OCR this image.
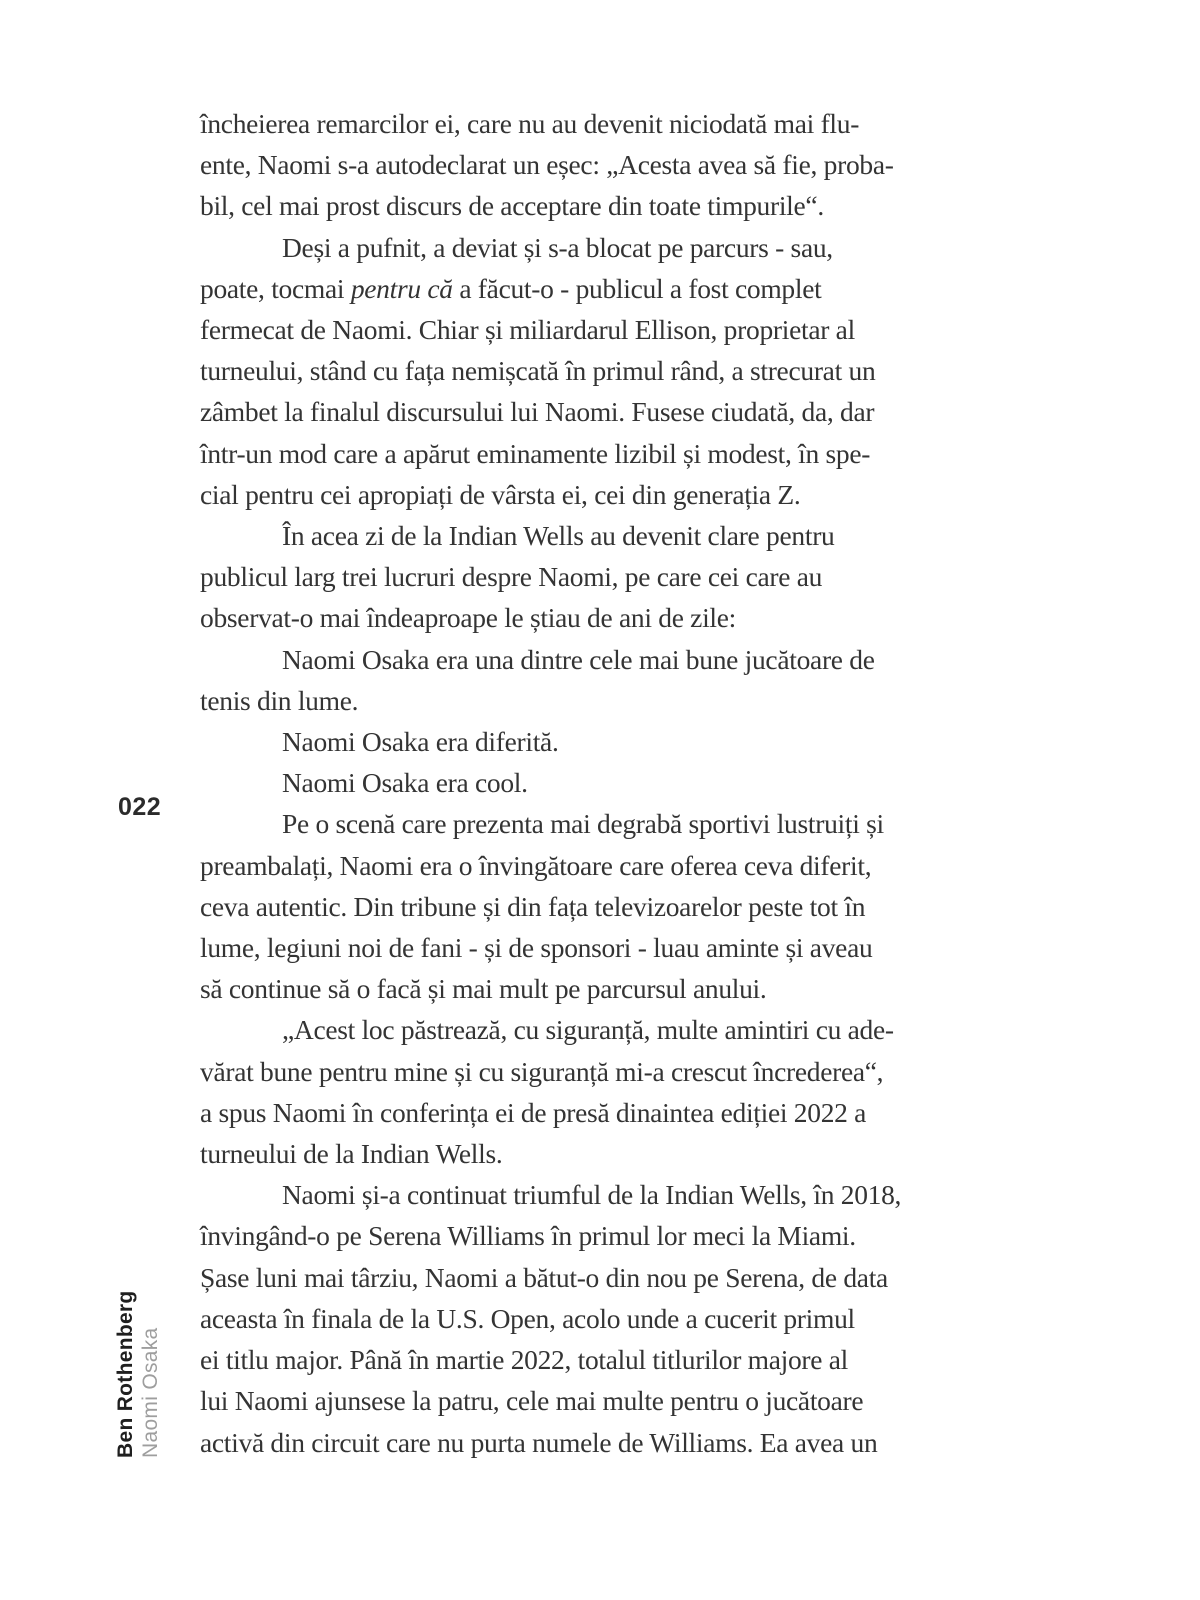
022
Ben Rothenberg Naomi Osaka
încheierea remarcilor ei, care nu au devenit niciodată mai flu-
ente, Naomi s-a autodeclarat un eșec: „Acesta avea să fie, proba-
bil, cel mai prost discurs de acceptare din toate timpurile“.
Deși a pufnit, a deviat și s-a blocat pe parcurs - sau,
poate, tocmai pentru că a făcut-o - publicul a fost complet
fermecat de Naomi. Chiar și miliardarul Ellison, proprietar al
turneului, stând cu fața nemișcată în primul rând, a strecurat un
zâmbet la finalul discursului lui Naomi. Fusese ciudată, da, dar
într-un mod care a apărut eminamente lizibil și modest, în spe-
cial pentru cei apropiați de vârsta ei, cei din generația Z.
În acea zi de la Indian Wells au devenit clare pentru
publicul larg trei lucruri despre Naomi, pe care cei care au
observat-o mai îndeaproape le știau de ani de zile:
Naomi Osaka era una dintre cele mai bune jucătoare de
tenis din lume.
Naomi Osaka era diferită.
Naomi Osaka era cool.
Pe o scenă care prezenta mai degrabă sportivi lustruiți și
preambalați, Naomi era o învingătoare care oferea ceva diferit,
ceva autentic. Din tribune și din fața televizoarelor peste tot în
lume, legiuni noi de fani - și de sponsori - luau aminte și aveau
să continue să o facă și mai mult pe parcursul anului.
„Acest loc păstrează, cu siguranță, multe amintiri cu ade-
vărat bune pentru mine și cu siguranță mi-a crescut încrederea“,
a spus Naomi în conferința ei de presă dinaintea ediției 2022 a
turneului de la Indian Wells.
Naomi și-a continuat triumful de la Indian Wells, în 2018,
învingând-o pe Serena Williams în primul lor meci la Miami.
Șase luni mai târziu, Naomi a bătut-o din nou pe Serena, de data
aceasta în finala de la U.S. Open, acolo unde a cucerit primul
ei titlu major. Până în martie 2022, totalul titlurilor majore al
lui Naomi ajunsese la patru, cele mai multe pentru o jucătoare
activă din circuit care nu purta numele de Williams. Ea avea un
